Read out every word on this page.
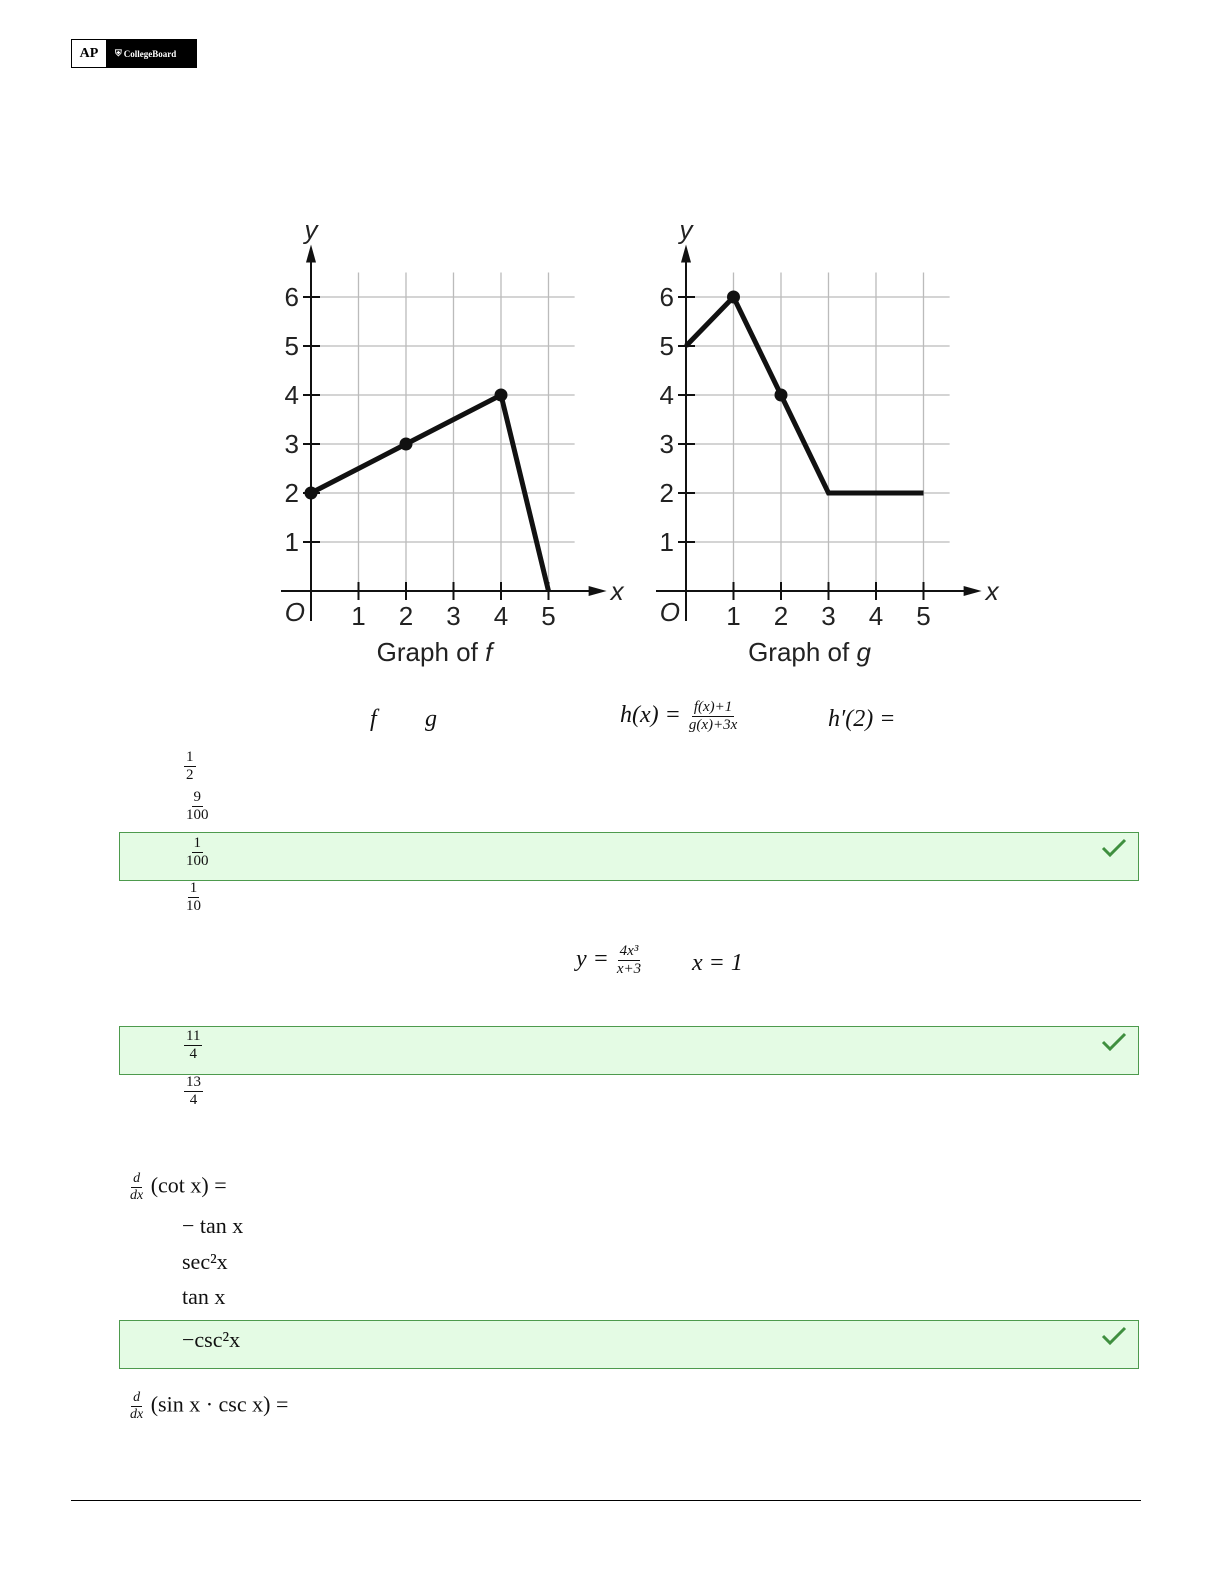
AP	⛨ CollegeBoard
1 2 3 4 5
1
2
3
4
5
6
O
x
y
Graph of f
1 2 3 4 5
1
2
3
4
5
6
O
x
y
Graph of g
f g	$h(x) = \frac{f(x)+1}{g(x)+3x}$	h′(2) =
$\frac{1}{2}$
$\frac{9}{100}$
$\frac{1}{100}$
$\frac{1}{10}$
$y = \frac{\text{4x³}}{x+3}$ x = 1
$\frac{11}{4}$
$\frac{13}{4}$
$\frac{d}{dx} (\cot$ x) =
− tan x
sec²x
tan x
−csc²x
$\frac{d}{dx} (\sin$ x · csc x) =
